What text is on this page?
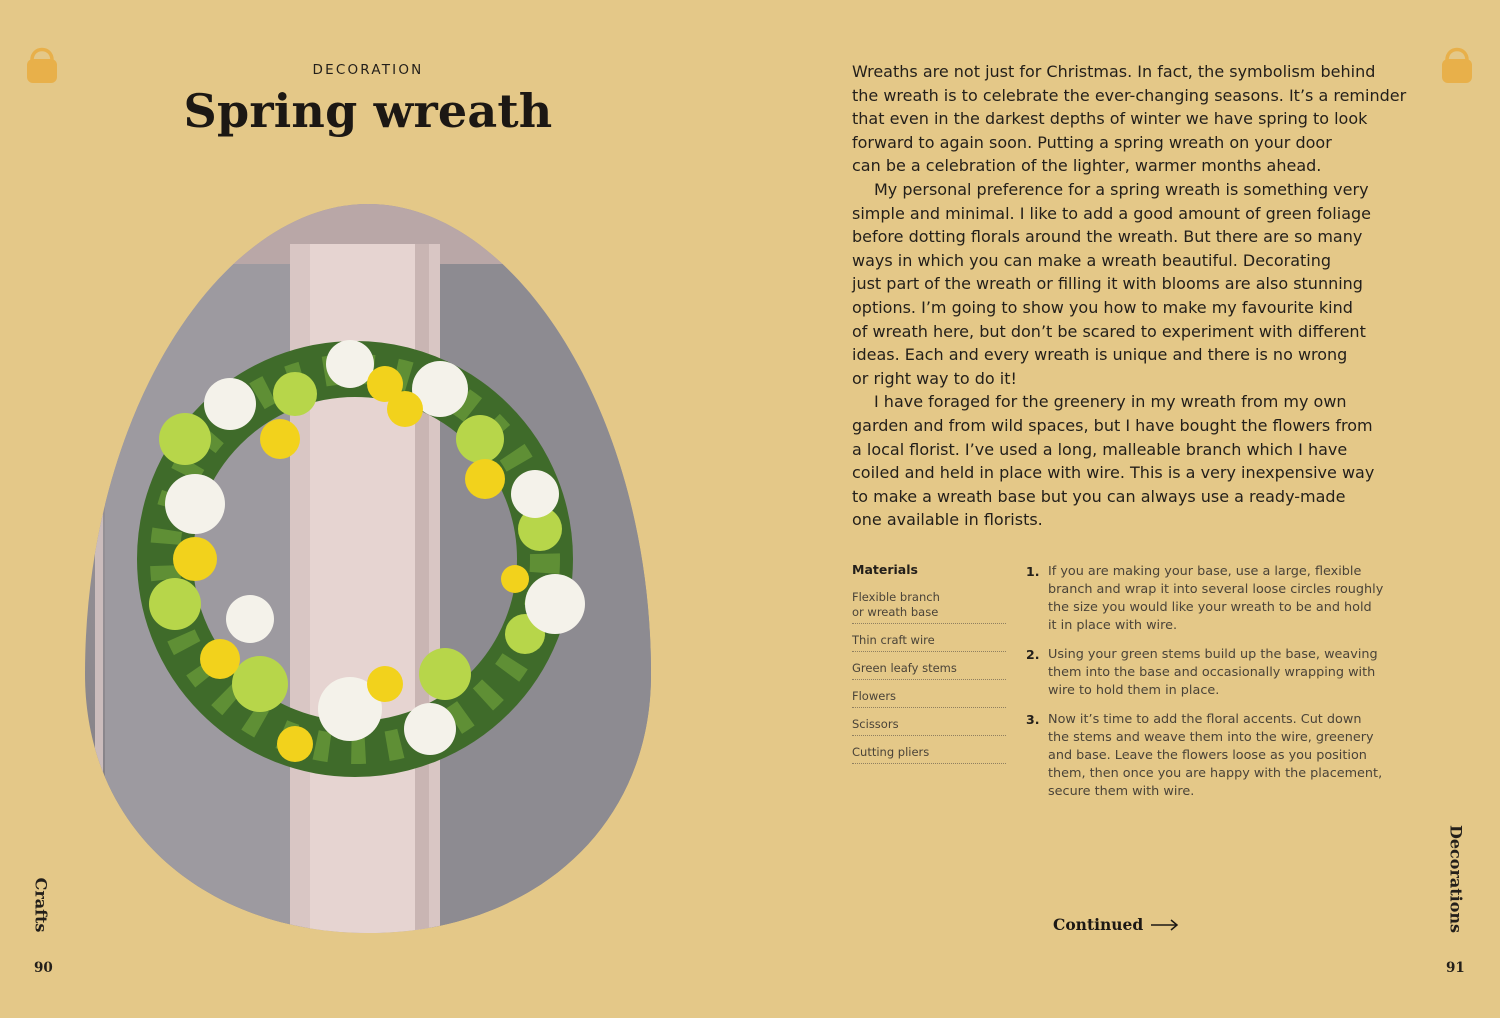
DECORATION
Spring wreath
Crafts
90
Wreaths are not just for Christmas. In fact, the symbolism behind
the wreath is to celebrate the ever-changing seasons. It’s a reminder
that even in the darkest depths of winter we have spring to look
forward to again soon. Putting a spring wreath on your door
can be a celebration of the lighter, warmer months ahead.
My personal preference for a spring wreath is something very
simple and minimal. I like to add a good amount of green foliage
before dotting florals around the wreath. But there are so many
ways in which you can make a wreath beautiful. Decorating
just part of the wreath or filling it with blooms are also stunning
options. I’m going to show you how to make my favourite kind
of wreath here, but don’t be scared to experiment with different
ideas. Each and every wreath is unique and there is no wrong
or right way to do it!
I have foraged for the greenery in my wreath from my own
garden and from wild spaces, but I have bought the flowers from
a local florist. I’ve used a long, malleable branch which I have
coiled and held in place with wire. This is a very inexpensive way
to make a wreath base but you can always use a ready-made
one available in florists.
Materials
Flexible branch
or wreath base
Thin craft wire
Green leafy stems
Flowers
Scissors
Cutting pliers
1. If you are making your base, use a large, flexible
branch and wrap it into several loose circles roughly
the size you would like your wreath to be and hold
it in place with wire.
2. Using your green stems build up the base, weaving
them into the base and occasionally wrapping with
wire to hold them in place.
3. Now it’s time to add the floral accents. Cut down
the stems and weave them into the wire, greenery
and base. Leave the flowers loose as you position
them, then once you are happy with the placement,
secure them with wire.
Continued	Decorations
91
